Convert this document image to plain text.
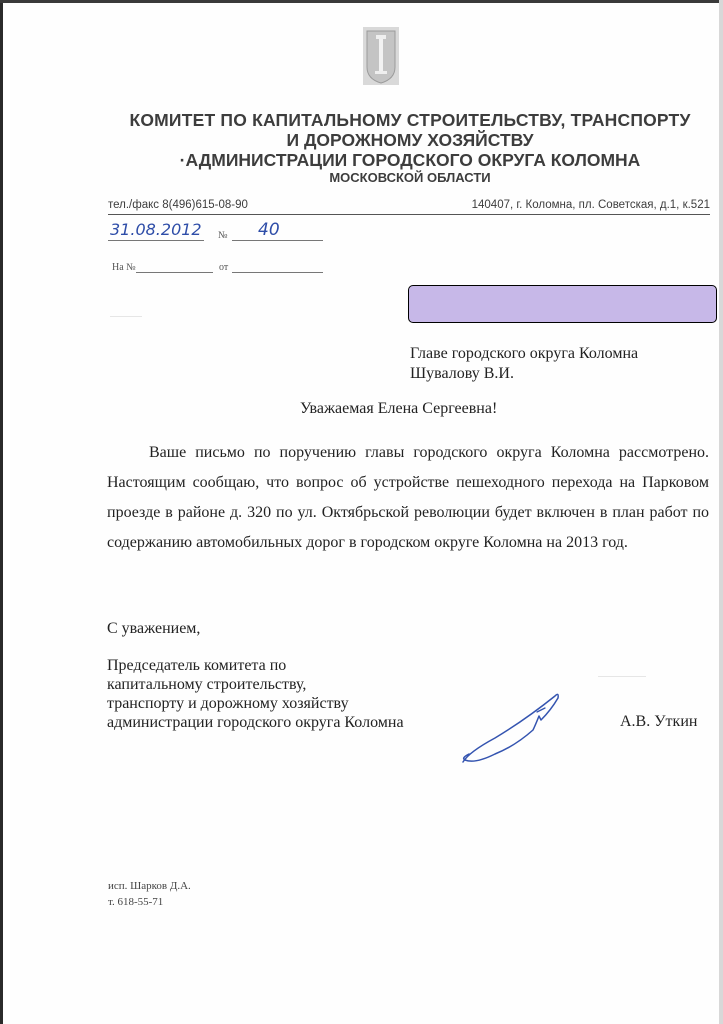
КОМИТЕТ ПО КАПИТАЛЬНОМУ СТРОИТЕЛЬСТВУ, ТРАНСПОРТУ
И ДОРОЖНОМУ ХОЗЯЙСТВУ
·АДМИНИСТРАЦИИ ГОРОДСКОГО ОКРУГА КОЛОМНА
МОСКОВСКОЙ ОБЛАСТИ
тел./факс 8(496)615-08-90	140407, г. Коломна, пл. Советская, д.1, к.521
31.08.2012 № 40
На №	от
Главе городского округа Коломна
Шувалову В.И.
Уважаемая Елена Сергеевна!
Ваше письмо по поручению главы городского округа Коломна рассмотрено. Настоящим сообщаю, что вопрос об устройстве пешеходного перехода на Парковом проезде в районе д. 320 по ул. Октябрьской революции будет включен в план работ по содержанию автомобильных дорог в городском округе Коломна на 2013 год.
С уважением,
Председатель комитета по
капитальному строительству,
транспорту и дорожному хозяйству
администрации городского округа Коломна	А.В. Уткин
исп. Шарков Д.А.
т. 618-55-71
